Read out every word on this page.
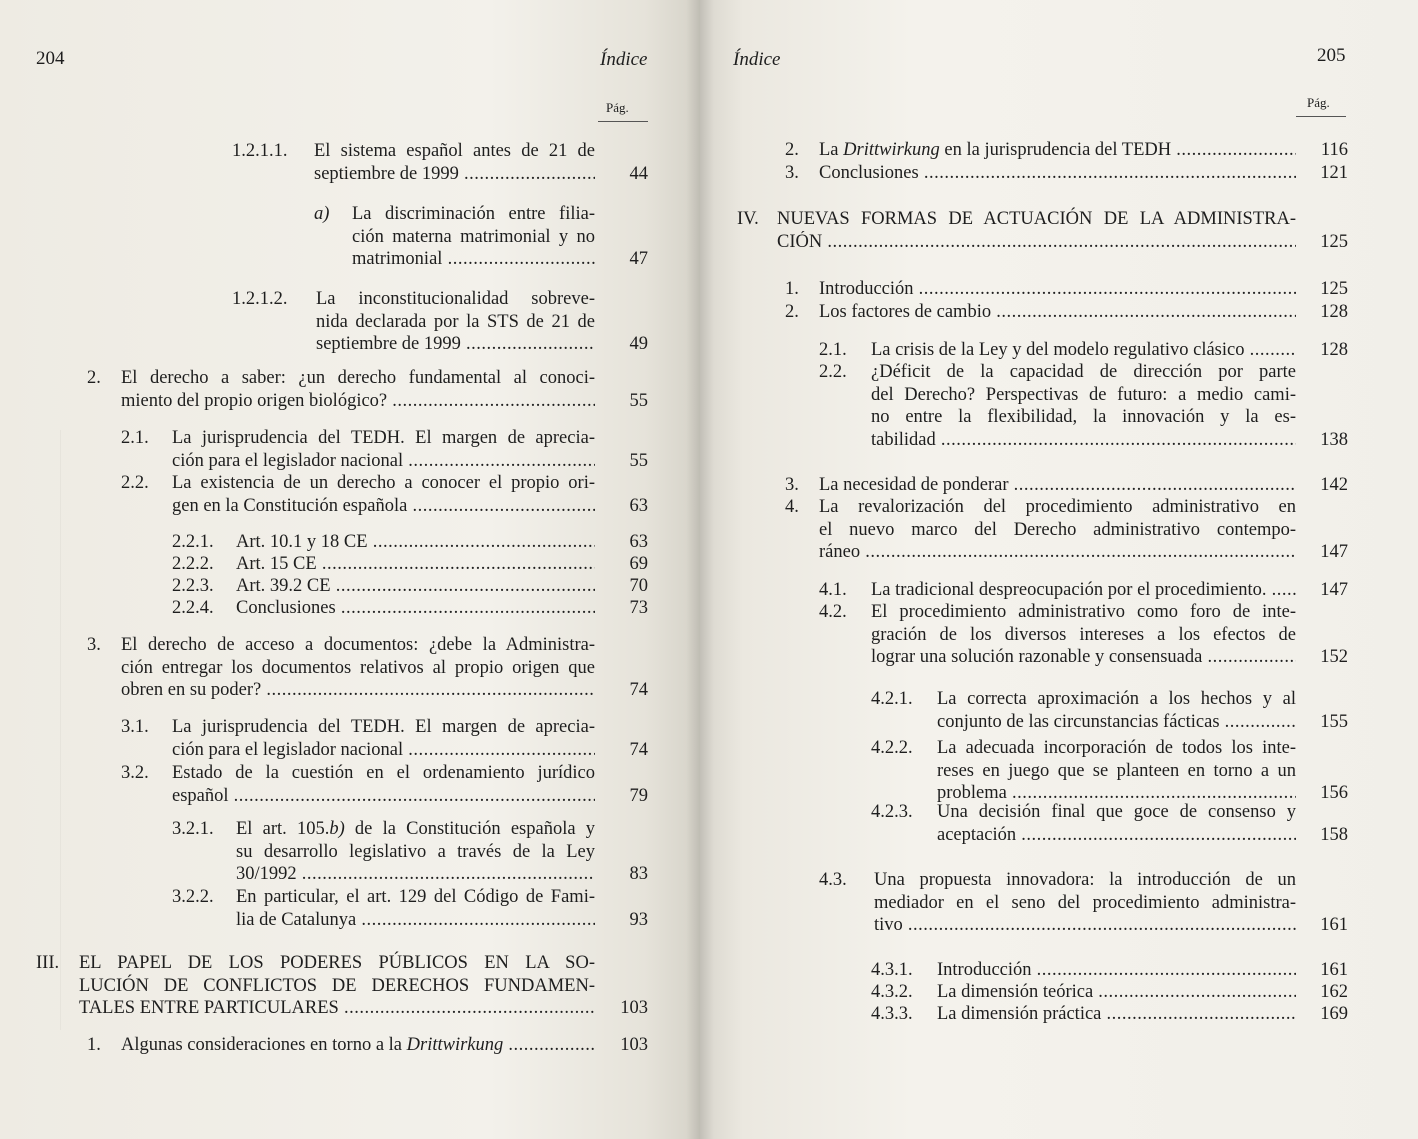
204	Índice
Pág.
Índice	205
Pág.
1.2.1.1. El sistema español antes de 21 de
septiembre de 1999 .....	44
a) La discriminación entre filia-
ción materna matrimonial y no
matrimonial .....	47
1.2.1.2. La inconstitucionalidad sobreve-
nida declarada por la STS de 21 de
septiembre de 1999 .....	49
2. El derecho a saber: ¿un derecho fundamental al conoci-
miento del propio origen biológico? .....	55
2.1. La jurisprudencia del TEDH. El margen de aprecia-
ción para el legislador nacional .....	55
2.2. La existencia de un derecho a conocer el propio ori-
gen en la Constitución española .....	63
2.2.1. Art. 10.1 y 18 CE .....	63
2.2.2. Art. 15 CE .....	69
2.2.3. Art. 39.2 CE .....	70
2.2.4. Conclusiones .....	73
3. El derecho de acceso a documentos: ¿debe la Administra-
ción entregar los documentos relativos al propio origen que
obren en su poder? .....	74
3.1. La jurisprudencia del TEDH. El margen de aprecia-
ción para el legislador nacional .....	74
3.2. Estado de la cuestión en el ordenamiento jurídico
español .....	79
3.2.1. El art. 105.b) de la Constitución española y
su desarrollo legislativo a través de la Ley
30/1992 .....	83
3.2.2. En particular, el art. 129 del Código de Fami-
lia de Catalunya .....	93
III. EL PAPEL DE LOS PODERES PÚBLICOS EN LA SO-
LUCIÓN DE CONFLICTOS DE DERECHOS FUNDAMEN-
TALES ENTRE PARTICULARES .....	103
1. Algunas consideraciones en torno a la Drittwirkung .....	103
2. La Drittwirkung en la jurisprudencia del TEDH .....	116
3. Conclusiones .....	121
IV. NUEVAS FORMAS DE ACTUACIÓN DE LA ADMINISTRA-
CIÓN .....	125
1. Introducción .....	125
2. Los factores de cambio .....	128
2.1. La crisis de la Ley y del modelo regulativo clásico .....	128
2.2. ¿Déficit de la capacidad de dirección por parte
del Derecho? Perspectivas de futuro: a medio cami-
no entre la flexibilidad, la innovación y la es-
tabilidad .....	138
3. La necesidad de ponderar .....	142
4. La revalorización del procedimiento administrativo en
el nuevo marco del Derecho administrativo contempo-
ráneo .....	147
4.1. La tradicional despreocupación por el procedimiento. .....	147
4.2. El procedimiento administrativo como foro de inte-
gración de los diversos intereses a los efectos de
lograr una solución razonable y consensuada .....	152
4.2.1. La correcta aproximación a los hechos y al
conjunto de las circunstancias fácticas .....	155
4.2.2. La adecuada incorporación de todos los inte-
reses en juego que se planteen en torno a un
problema .....	156
4.2.3. Una decisión final que goce de consenso y
aceptación .....	158
4.3. Una propuesta innovadora: la introducción de un
mediador en el seno del procedimiento administra-
tivo .....	161
4.3.1. Introducción .....	161
4.3.2. La dimensión teórica .....	162
4.3.3. La dimensión práctica .....	169
